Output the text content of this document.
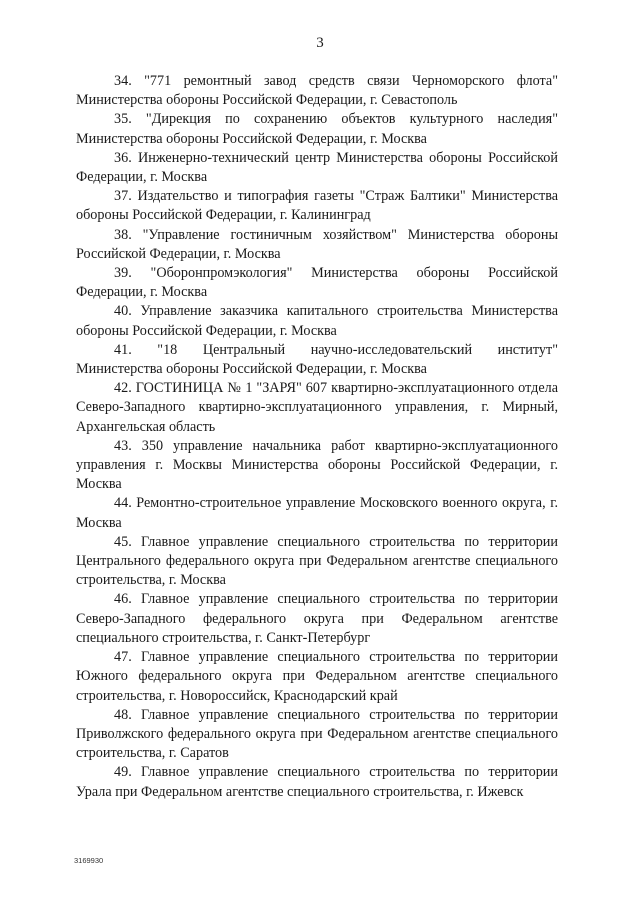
3

34. "771 ремонтный завод средств связи Черноморского флота" Министерства обороны Российской Федерации, г. Севастополь

35. "Дирекция по сохранению объектов культурного наследия" Министерства обороны Российской Федерации, г. Москва

36. Инженерно-технический центр Министерства обороны Российской Федерации, г. Москва

37. Издательство и типография газеты "Страж Балтики" Министерства обороны Российской Федерации, г. Калининград

38. "Управление гостиничным хозяйством" Министерства обороны Российской Федерации, г. Москва

39. "Оборонпромэкология" Министерства обороны Российской Федерации, г. Москва

40. Управление заказчика капитального строительства Министерства обороны Российской Федерации, г. Москва

41. "18 Центральный научно-исследовательский институт" Министерства обороны Российской Федерации, г. Москва

42. ГОСТИНИЦА № 1 "ЗАРЯ" 607 квартирно-эксплуатационного отдела Северо-Западного квартирно-эксплуатационного управления, г. Мирный, Архангельская область

43. 350 управление начальника работ квартирно-эксплуатационного управления г. Москвы Министерства обороны Российской Федерации, г. Москва

44. Ремонтно-строительное управление Московского военного округа, г. Москва

45. Главное управление специального строительства по территории Центрального федерального округа при Федеральном агентстве специального строительства, г. Москва

46. Главное управление специального строительства по территории Северо-Западного федерального округа при Федеральном агентстве специального строительства, г. Санкт-Петербург

47. Главное управление специального строительства по территории Южного федерального округа при Федеральном агентстве специального строительства, г. Новороссийск, Краснодарский край

48. Главное управление специального строительства по территории Приволжского федерального округа при Федеральном агентстве специального строительства, г. Саратов

49. Главное управление специального строительства по территории Урала при Федеральном агентстве специального строительства, г. Ижевск

3169930
